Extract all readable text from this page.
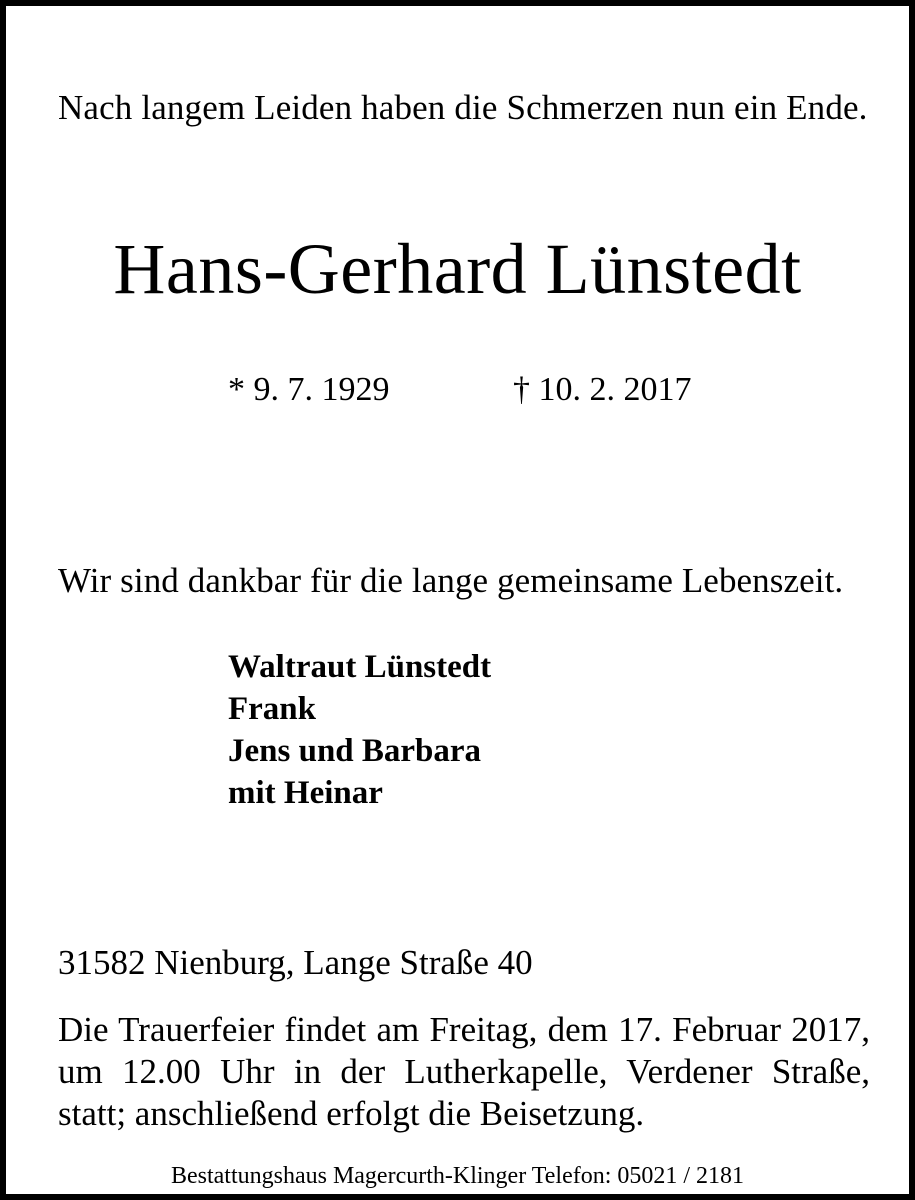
Nach langem Leiden haben die Schmerzen nun ein Ende.

Hans-Gerhard Lünstedt

* 9. 7. 1929	† 10. 2. 2017

Wir sind dankbar für die lange gemeinsame Lebenszeit.

Waltraut Lünstedt
Frank
Jens und Barbara
mit Heinar

31582 Nienburg, Lange Straße 40

Die Trauerfeier findet am Freitag, dem 17. Februar 2017,
um 12.00 Uhr in der Lutherkapelle, Verdener Straße,
statt; anschließend erfolgt die Beisetzung.

Bestattungshaus Magercurth-Klinger Telefon: 05021 / 2181
